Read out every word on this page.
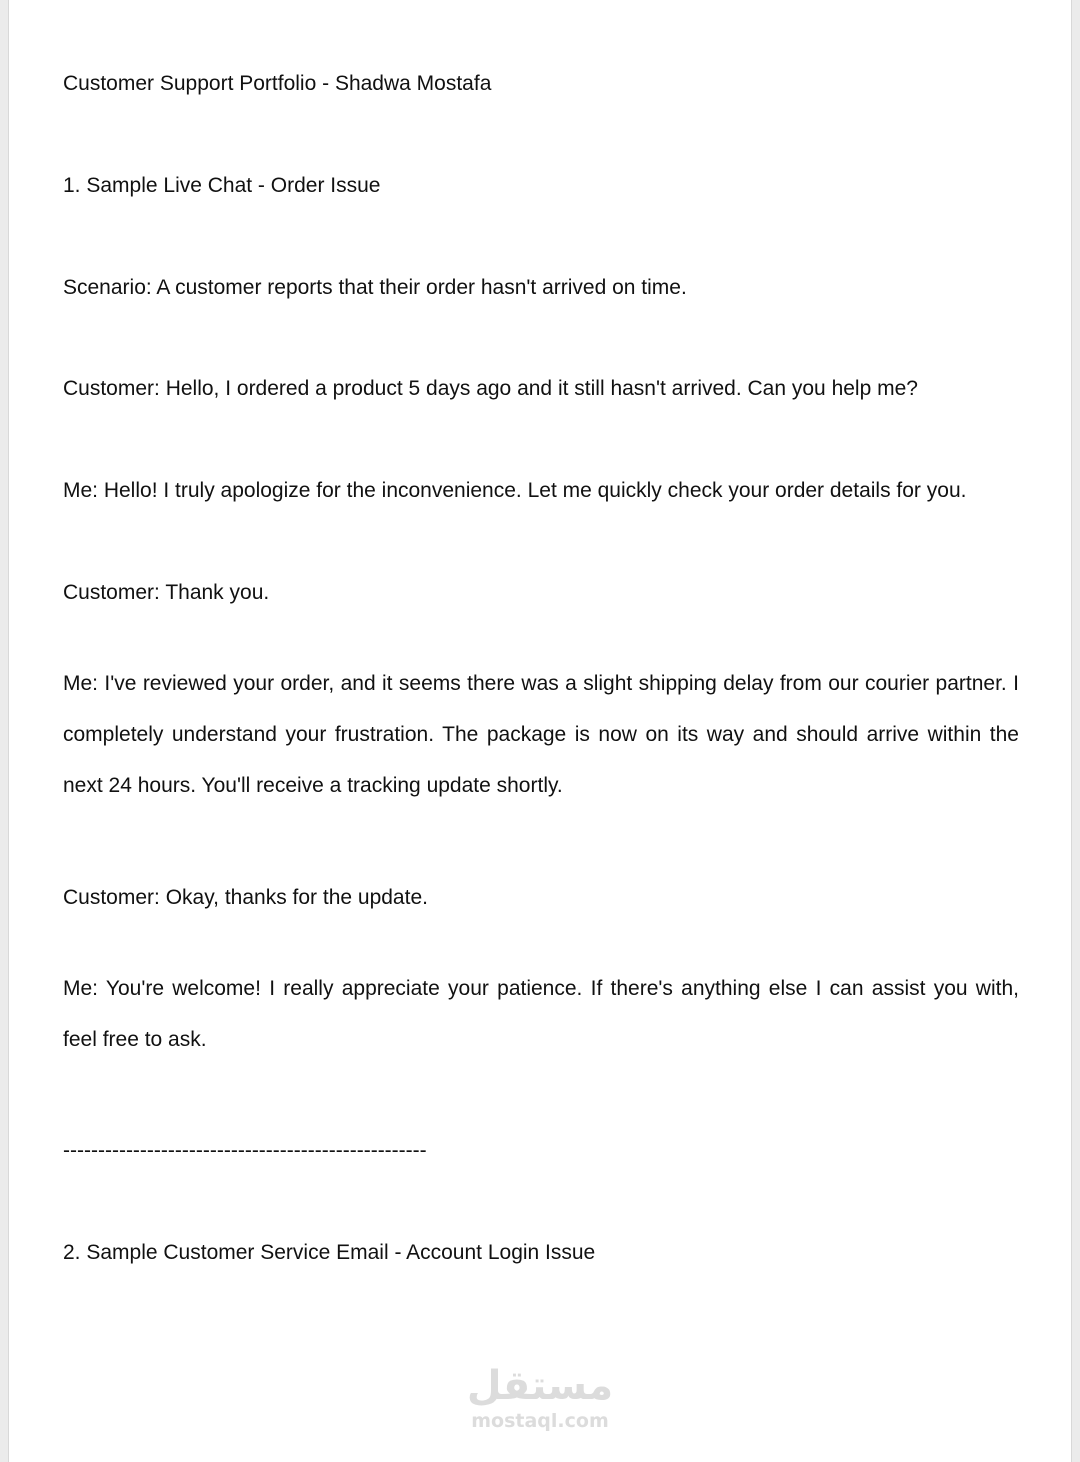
Customer Support Portfolio - Shadwa Mostafa

1. Sample Live Chat - Order Issue

Scenario: A customer reports that their order hasn't arrived on time.

Customer: Hello, I ordered a product 5 days ago and it still hasn't arrived. Can you help me?

Me: Hello! I truly apologize for the inconvenience. Let me quickly check your order details for you.

Customer: Thank you.

Me: I've reviewed your order, and it seems there was a slight shipping delay from our courier partner. I completely understand your frustration. The package is now on its way and should arrive within the next 24 hours. You'll receive a tracking update shortly.

Customer: Okay, thanks for the update.

Me: You're welcome! I really appreciate your patience. If there's anything else I can assist you with, feel free to ask.

----------------------------------------------------

2. Sample Customer Service Email - Account Login Issue

مستقل
mostaql.com
